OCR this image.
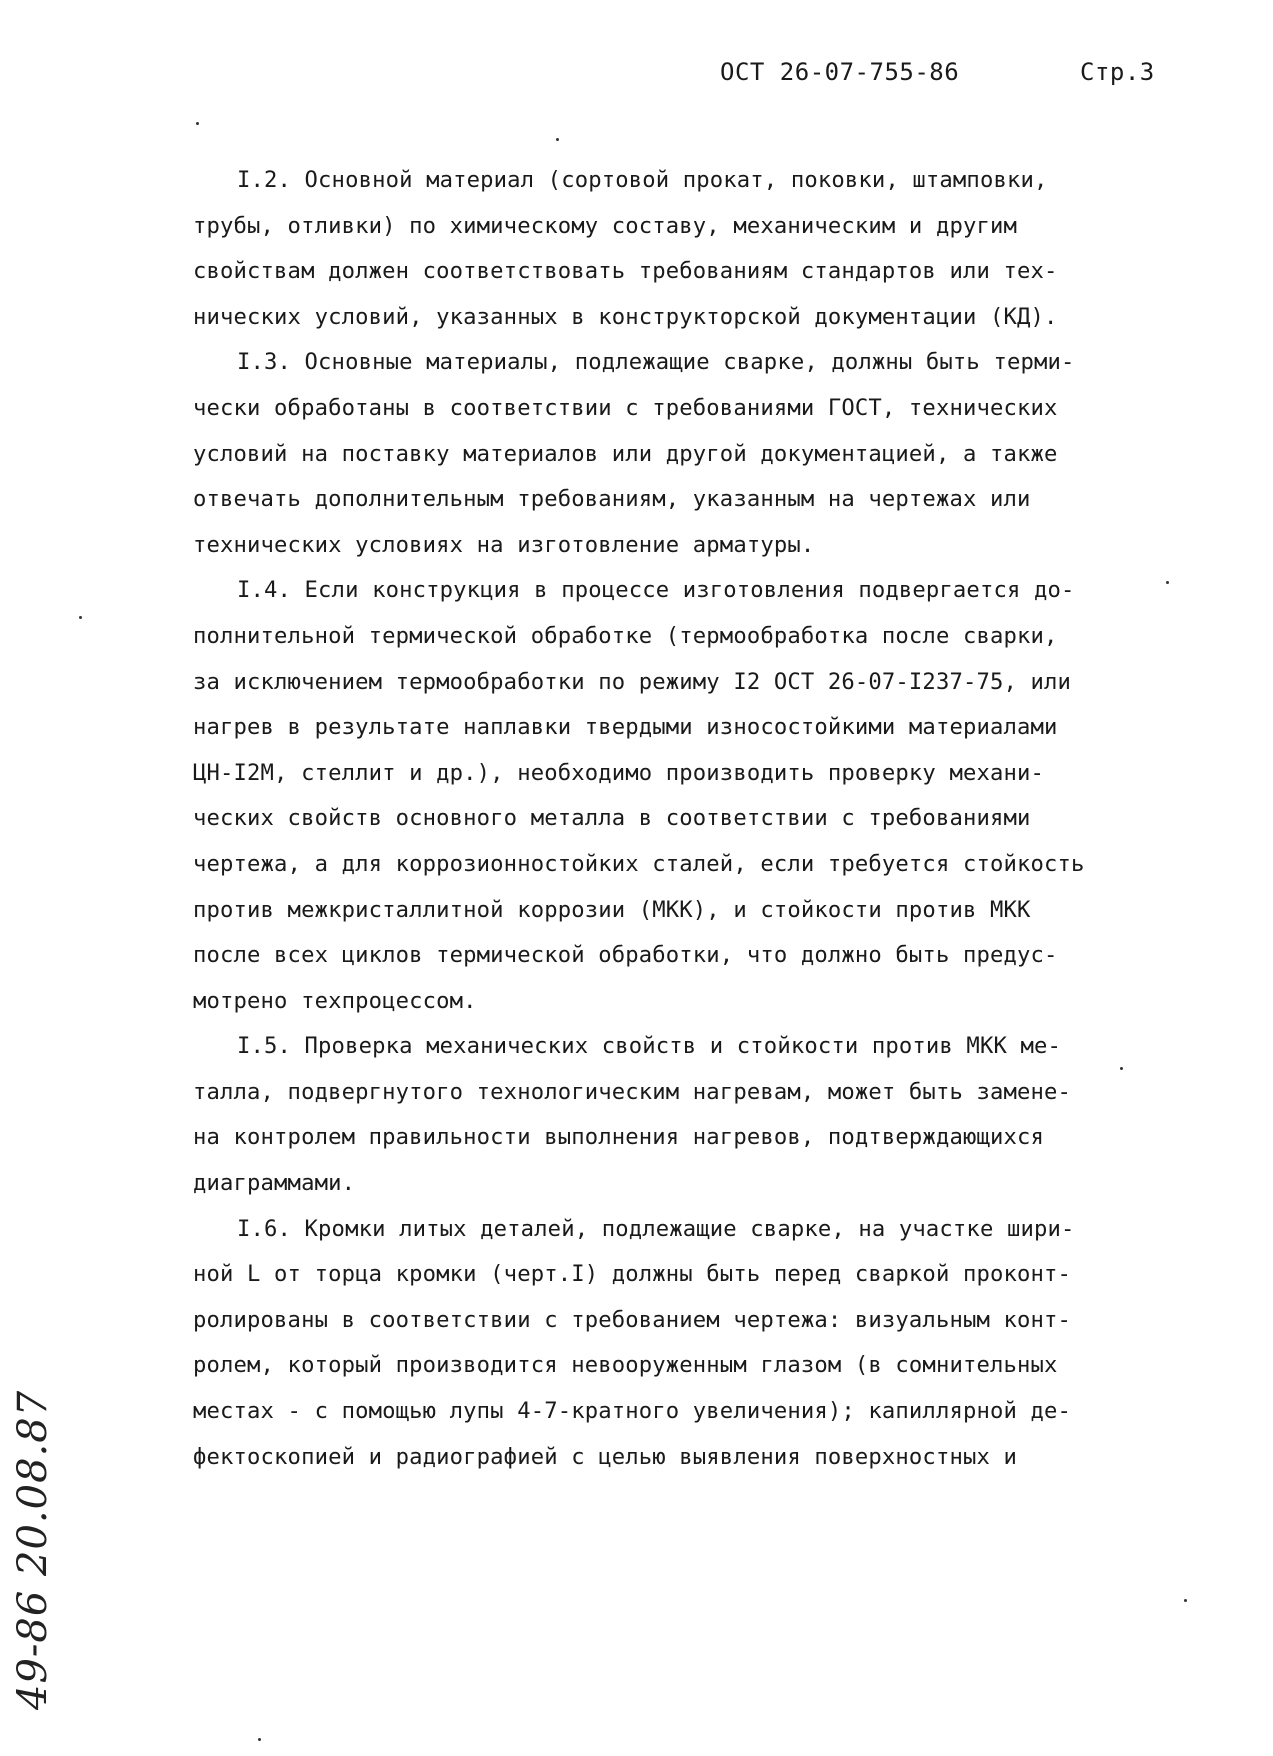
ОСТ 26-07-755-86	Стр.3
I.2. Основной материал (сортовой прокат, поковки, штамповки,
трубы, отливки) по химическому составу, механическим и другим
свойствам должен соответствовать требованиям стандартов или тех-
нических условий, указанных в конструкторской документации (КД).
I.3. Основные материалы, подлежащие сварке, должны быть терми-
чески обработаны в соответствии с требованиями ГОСТ, технических
условий на поставку материалов или другой документацией, а также
отвечать дополнительным требованиям, указанным на чертежах или
технических условиях на изготовление арматуры.
I.4. Если конструкция в процессе изготовления подвергается до-
полнительной термической обработке (термообработка после сварки,
за исключением термообработки по режиму I2 ОСТ 26-07-I237-75, или
нагрев в результате наплавки твердыми износостойкими материалами
ЦН-I2М, стеллит и др.), необходимо производить проверку механи-
ческих свойств основного металла в соответствии с требованиями
чертежа, а для коррозионностойких сталей, если требуется стойкость
против межкристаллитной коррозии (МКК), и стойкости против МКК
после всех циклов термической обработки, что должно быть предус-
мотрено техпроцессом.
I.5. Проверка механических свойств и стойкости против МКК ме-
талла, подвергнутого технологическим нагревам, может быть замене-
на контролем правильности выполнения нагревов, подтверждающихся
диаграммами.
I.6. Кромки литых деталей, подлежащие сварке, на участке шири-
ной L от торца кромки (черт.I) должны быть перед сваркой проконт-
ролированы в соответствии с требованием чертежа: визуальным конт-
ролем, который производится невооруженным глазом (в сомнительных
местах - с помощью лупы 4-7-кратного увеличения); капиллярной де-
фектоскопией и радиографией с целью выявления поверхностных и
49-86 20.08.87
